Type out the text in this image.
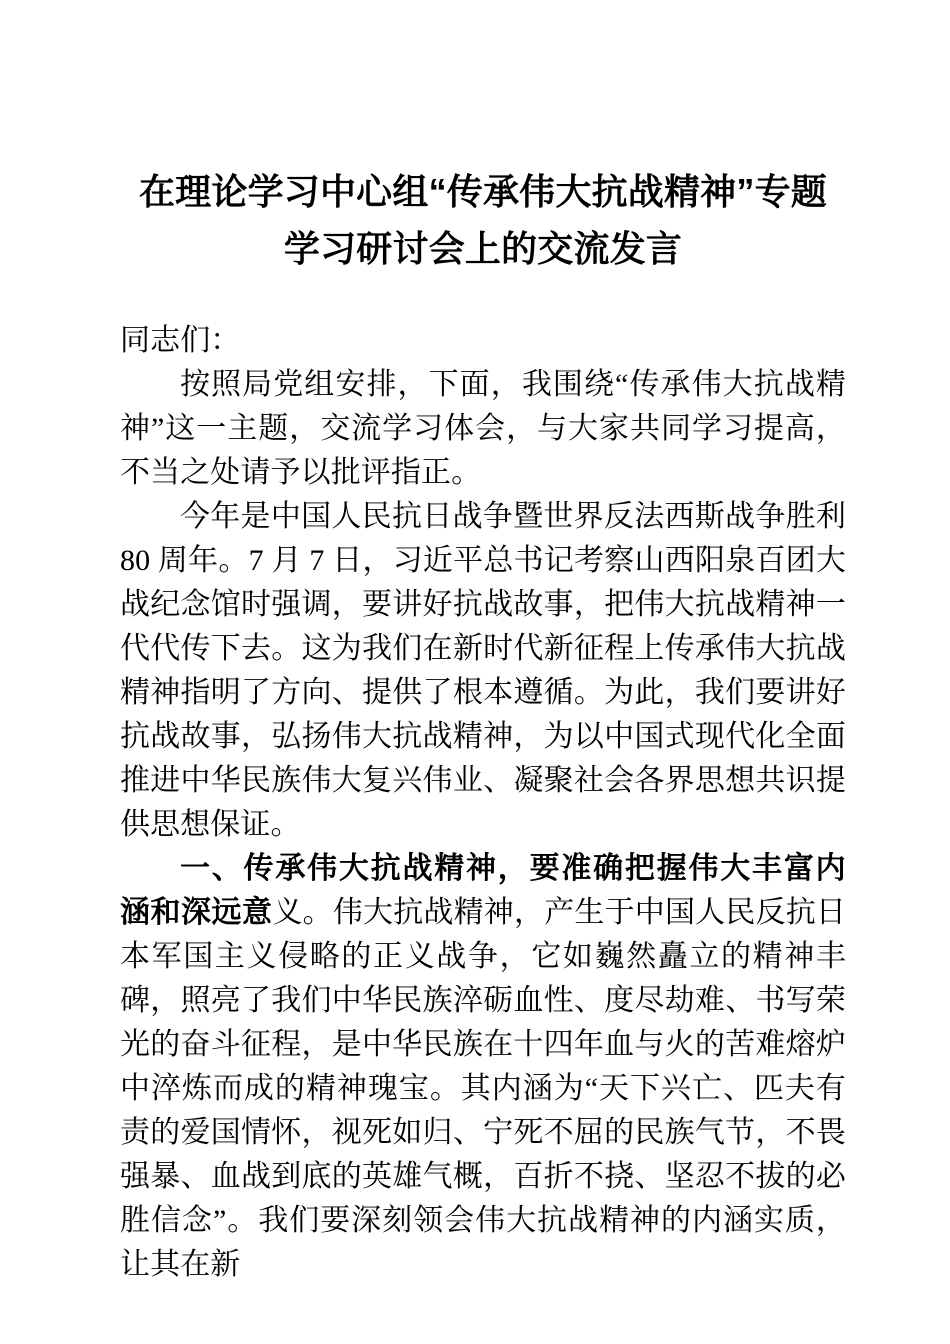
在理论学习中心组“传承伟大抗战精神”专题
学习研讨会上的交流发言

同志们：

按照局党组安排，下面，我围绕“传承伟大抗战精神”这一主题，交流学习体会，与大家共同学习提高，不当之处请予以批评指正。

今年是中国人民抗日战争暨世界反法西斯战争胜利 80 周年。7 月 7 日，习近平总书记考察山西阳泉百团大战纪念馆时强调，要讲好抗战故事，把伟大抗战精神一代代传下去。这为我们在新时代新征程上传承伟大抗战精神指明了方向、提供了根本遵循。为此，我们要讲好抗战故事，弘扬伟大抗战精神，为以中国式现代化全面推进中华民族伟大复兴伟业、凝聚社会各界思想共识提供思想保证。

一、传承伟大抗战精神，要准确把握伟大丰富内涵和深远意义。伟大抗战精神，产生于中国人民反抗日本军国主义侵略的正义战争，它如巍然矗立的精神丰碑，照亮了我们中华民族淬砺血性、度尽劫难、书写荣光的奋斗征程，是中华民族在十四年血与火的苦难熔炉中淬炼而成的精神瑰宝。其内涵为“天下兴亡、匹夫有责的爱国情怀，视死如归、宁死不屈的民族气节，不畏强暴、血战到底的英雄气概，百折不挠、坚忍不拔的必胜信念”。我们要深刻领会伟大抗战精神的内涵实质，让其在新
